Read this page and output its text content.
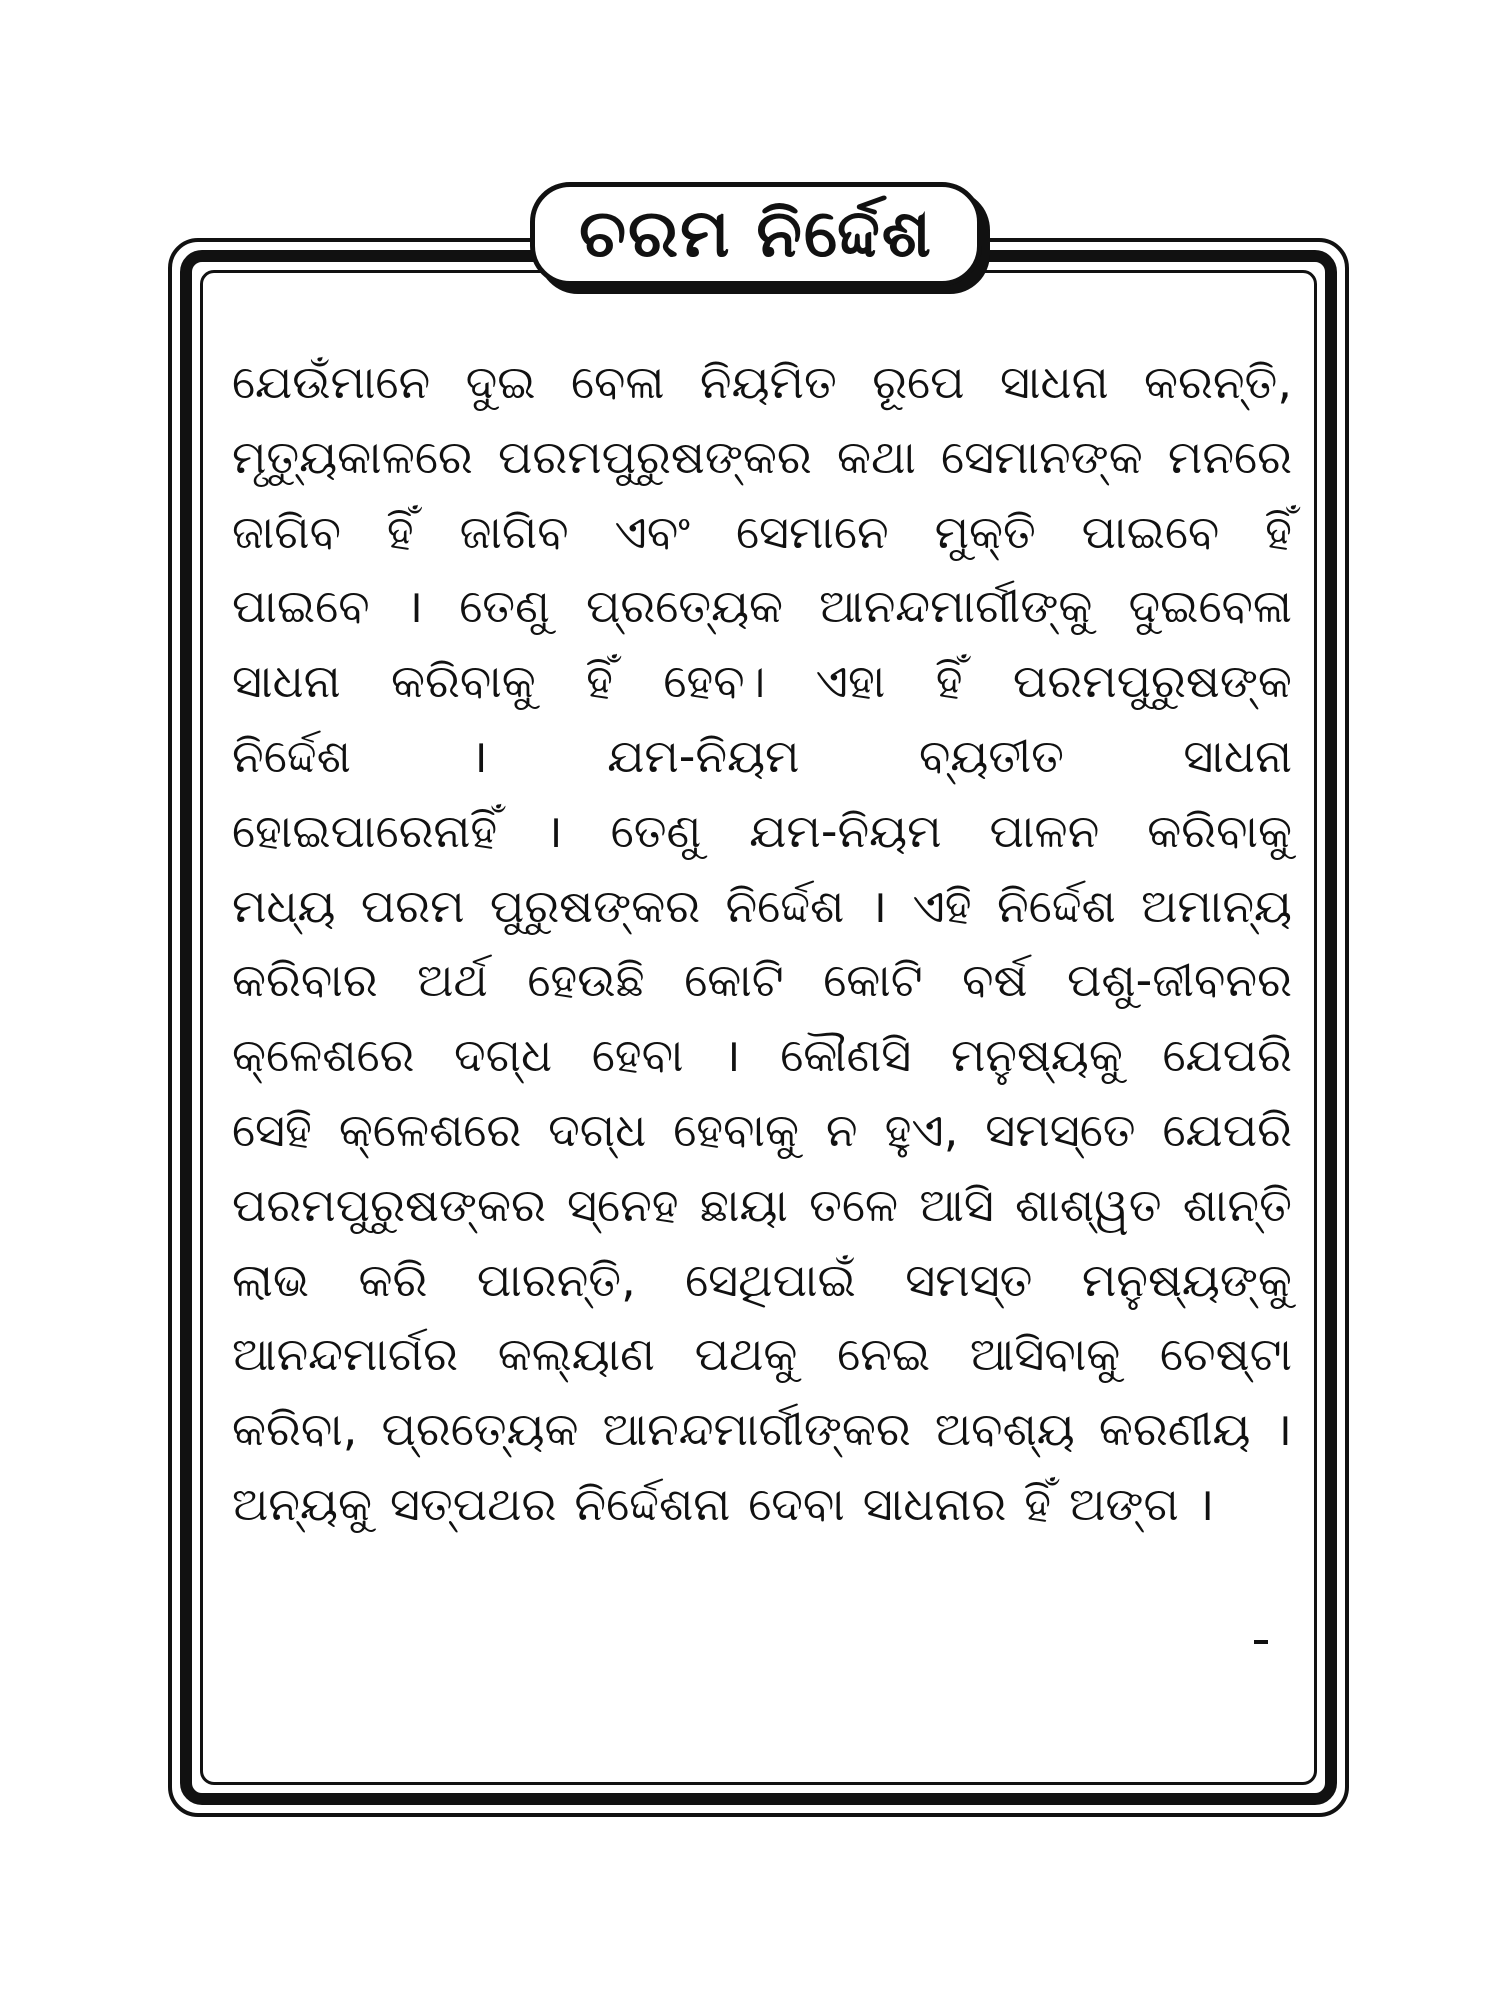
ଚରମ ନିର୍ଦ୍ଦେଶ
ଯେଉଁମାନେ ଦୁଇ ବେଳା ନିୟମିତ ରୂପେ ସାଧନା କରନ୍ତି,
ମୃତ୍ୟୁକାଳରେ ପରମପୁରୁଷଙ୍କର କଥା ସେମାନଙ୍କ ମନରେ
ଜାଗିବ ହିଁ ଜାଗିବ ଏବଂ ସେମାନେ ମୁକ୍ତି ପାଇବେ ହିଁ
ପାଇବେ । ତେଣୁ ପ୍ରତ୍ୟେକ ଆନନ୍ଦମାର୍ଗୀଙ୍କୁ ଦୁଇବେଳା
ସାଧନା କରିବାକୁ ହିଁ ହେବ। ଏହା ହିଁ ପରମପୁରୁଷଙ୍କ
ନିର୍ଦ୍ଦେଶ	।	ଯମ-ନିୟମ	ବ୍ୟତୀତ	ସାଧନା
ହୋଇପାରେନାହିଁ । ତେଣୁ ଯମ-ନିୟମ ପାଳନ କରିବାକୁ
ମଧ୍ୟ ପରମ ପୁରୁଷଙ୍କର ନିର୍ଦ୍ଦେଶ । ଏହି ନିର୍ଦ୍ଦେଶ ଅମାନ୍ୟ
କରିବାର ଅର୍ଥ ହେଉଛି କୋଟି କୋଟି ବର୍ଷ ପଶୁ-ଜୀବନର
କ୍ଳେଶରେ ଦଗ୍ଧ ହେବା । କୌଣସି ମନୁଷ୍ୟକୁ ଯେପରି
ସେହି କ୍ଳେଶରେ ଦଗ୍ଧ ହେବାକୁ ନ ହୁଏ, ସମସ୍ତେ ଯେପରି
ପରମପୁରୁଷଙ୍କର ସ୍ନେହ ଛାୟା ତଳେ ଆସି ଶାଶ୍ୱତ ଶାନ୍ତି
ଲାଭ କରି ପାରନ୍ତି, ସେଥିପାଇଁ ସମସ୍ତ ମନୁଷ୍ୟଙ୍କୁ
ଆନନ୍ଦମାର୍ଗର କଲ୍ୟାଣ ପଥକୁ ନେଇ ଆସିବାକୁ ଚେଷ୍ଟା
କରିବା, ପ୍ରତ୍ୟେକ ଆନନ୍ଦମାର୍ଗୀଙ୍କର ଅବଶ୍ୟ କରଣୀୟ ।
ଅନ୍ୟକୁ ସତ୍‌ପଥର ନିର୍ଦ୍ଦେଶନା ଦେବା ସାଧନାର ହିଁ ଅଙ୍ଗ ।
